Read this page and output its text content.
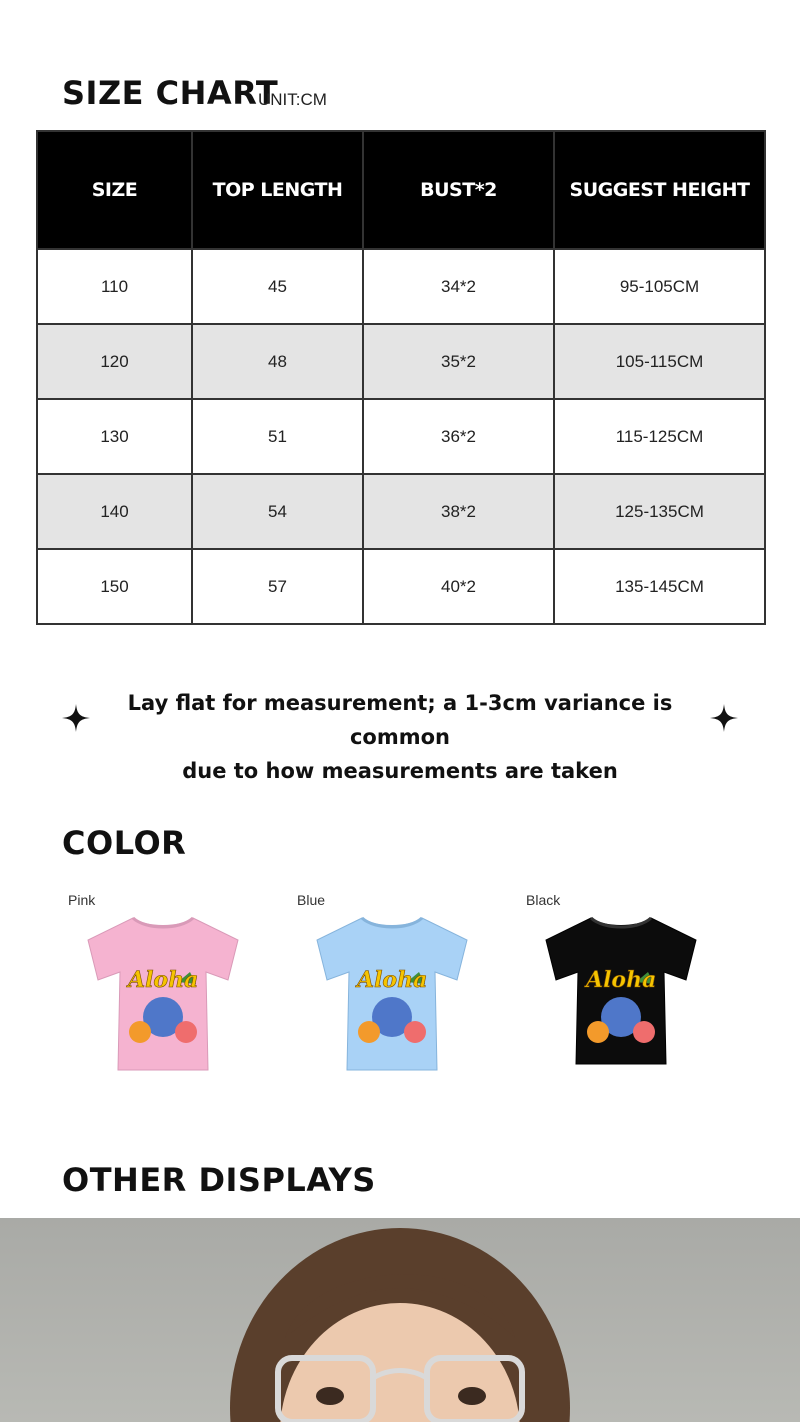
SIZE CHART
UNIT:CM
SIZE	TOP LENGTH	BUST*2	SUGGEST HEIGHT
110	45	34*2	95-105CM
120	48	35*2	105-115CM
130	51	36*2	115-125CM
140	54	38*2	125-135CM
150	57	40*2	135-145CM
Lay flat for measurement; a 1-3cm variance is common
due to how measurements are taken
COLOR
Pink
Aloha
Blue
Aloha
Black
Aloha
OTHER DISPLAYS
